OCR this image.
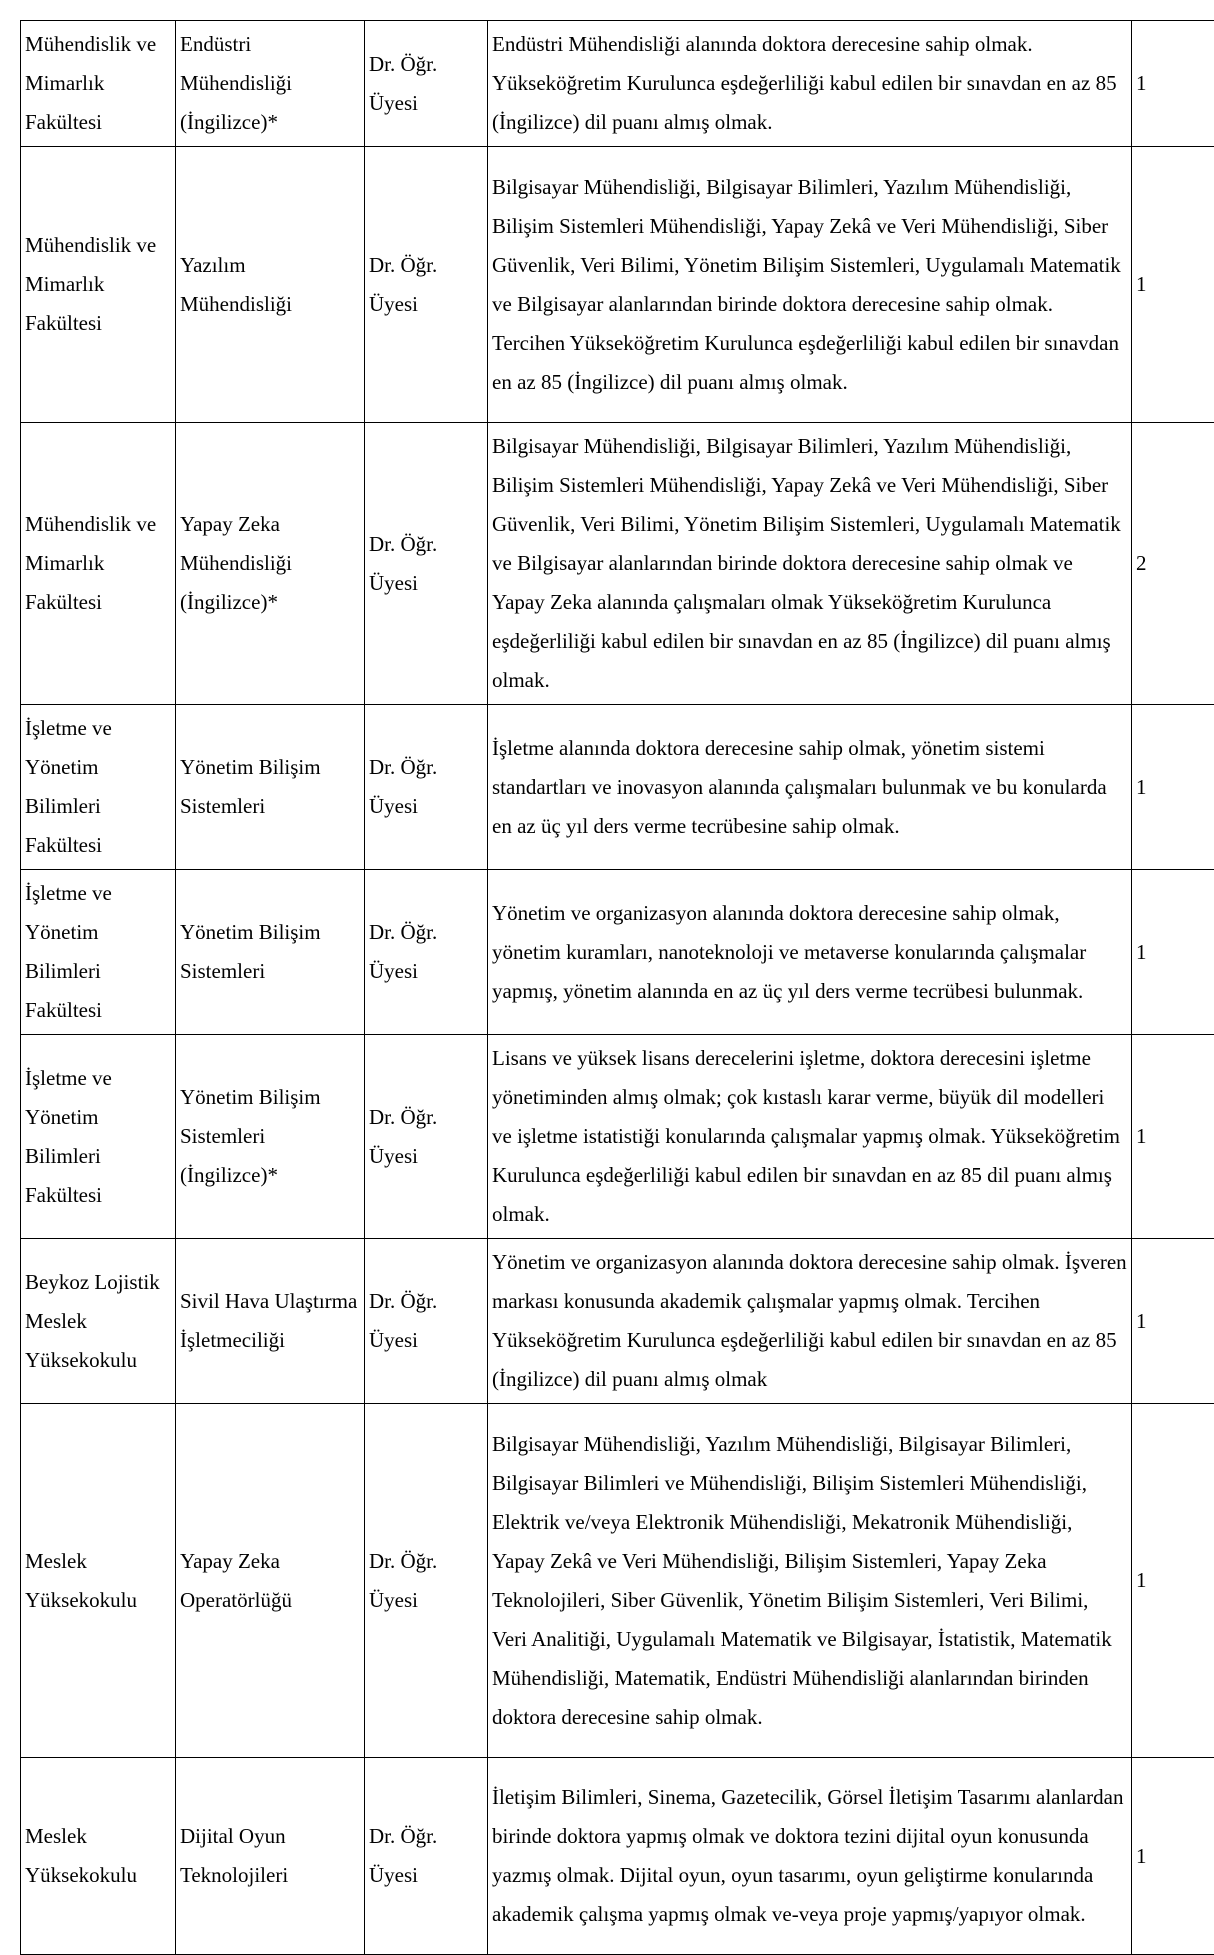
Mühendislik ve Mimarlık Fakültesi	Endüstri Mühendisliği (İngilizce)*	Dr. Öğr. Üyesi	Endüstri Mühendisliği alanında doktora derecesine sahip olmak. Yükseköğretim Kurulunca eşdeğerliliği kabul edilen bir sınavdan en az 85 (İngilizce) dil puanı almış olmak.	1
Mühendislik ve Mimarlık Fakültesi	Yazılım Mühendisliği	Dr. Öğr. Üyesi	Bilgisayar Mühendisliği, Bilgisayar Bilimleri, Yazılım Mühendisliği, Bilişim Sistemleri Mühendisliği, Yapay Zekâ ve Veri Mühendisliği, Siber Güvenlik, Veri Bilimi, Yönetim Bilişim Sistemleri, Uygulamalı Matematik ve Bilgisayar alanlarından birinde doktora derecesine sahip olmak. Tercihen Yükseköğretim Kurulunca eşdeğerliliği kabul edilen bir sınavdan en az 85 (İngilizce) dil puanı almış olmak.	1
Mühendislik ve Mimarlık Fakültesi	Yapay Zeka Mühendisliği (İngilizce)*	Dr. Öğr. Üyesi	Bilgisayar Mühendisliği, Bilgisayar Bilimleri, Yazılım Mühendisliği, Bilişim Sistemleri Mühendisliği, Yapay Zekâ ve Veri Mühendisliği, Siber Güvenlik, Veri Bilimi, Yönetim Bilişim Sistemleri, Uygulamalı Matematik ve Bilgisayar alanlarından birinde doktora derecesine sahip olmak ve Yapay Zeka alanında çalışmaları olmak Yükseköğretim Kurulunca eşdeğerliliği kabul edilen bir sınavdan en az 85 (İngilizce) dil puanı almış olmak.	2
İşletme ve Yönetim Bilimleri Fakültesi	Yönetim Bilişim Sistemleri	Dr. Öğr. Üyesi	İşletme alanında doktora derecesine sahip olmak, yönetim sistemi standartları ve inovasyon alanında çalışmaları bulunmak ve bu konularda en az üç yıl ders verme tecrübesine sahip olmak.	1
İşletme ve Yönetim Bilimleri Fakültesi	Yönetim Bilişim Sistemleri	Dr. Öğr. Üyesi	Yönetim ve organizasyon alanında doktora derecesine sahip olmak, yönetim kuramları, nanoteknoloji ve metaverse konularında çalışmalar yapmış, yönetim alanında en az üç yıl ders verme tecrübesi bulunmak.	1
İşletme ve Yönetim Bilimleri Fakültesi	Yönetim Bilişim Sistemleri (İngilizce)*	Dr. Öğr. Üyesi	Lisans ve yüksek lisans derecelerini işletme, doktora derecesini işletme yönetiminden almış olmak; çok kıstaslı karar verme, büyük dil modelleri ve işletme istatistiği konularında çalışmalar yapmış olmak. Yükseköğretim Kurulunca eşdeğerliliği kabul edilen bir sınavdan en az 85 dil puanı almış olmak.	1
Beykoz Lojistik Meslek Yüksekokulu	Sivil Hava Ulaştırma İşletmeciliği	Dr. Öğr. Üyesi	Yönetim ve organizasyon alanında doktora derecesine sahip olmak. İşveren markası konusunda akademik çalışmalar yapmış olmak. Tercihen Yükseköğretim Kurulunca eşdeğerliliği kabul edilen bir sınavdan en az 85 (İngilizce) dil puanı almış olmak	1
Meslek Yüksekokulu	Yapay Zeka Operatörlüğü	Dr. Öğr. Üyesi	Bilgisayar Mühendisliği, Yazılım Mühendisliği, Bilgisayar Bilimleri, Bilgisayar Bilimleri ve Mühendisliği, Bilişim Sistemleri Mühendisliği, Elektrik ve/veya Elektronik Mühendisliği, Mekatronik Mühendisliği, Yapay Zekâ ve Veri Mühendisliği, Bilişim Sistemleri, Yapay Zeka Teknolojileri, Siber Güvenlik, Yönetim Bilişim Sistemleri, Veri Bilimi, Veri Analitiği, Uygulamalı Matematik ve Bilgisayar, İstatistik, Matematik Mühendisliği, Matematik, Endüstri Mühendisliği alanlarından birinden doktora derecesine sahip olmak.	1
Meslek Yüksekokulu	Dijital Oyun Teknolojileri	Dr. Öğr. Üyesi	İletişim Bilimleri, Sinema, Gazetecilik, Görsel İletişim Tasarımı alanlardan birinde doktora yapmış olmak ve doktora tezini dijital oyun konusunda yazmış olmak. Dijital oyun, oyun tasarımı, oyun geliştirme konularında akademik çalışma yapmış olmak ve-veya proje yapmış/yapıyor olmak.	1
